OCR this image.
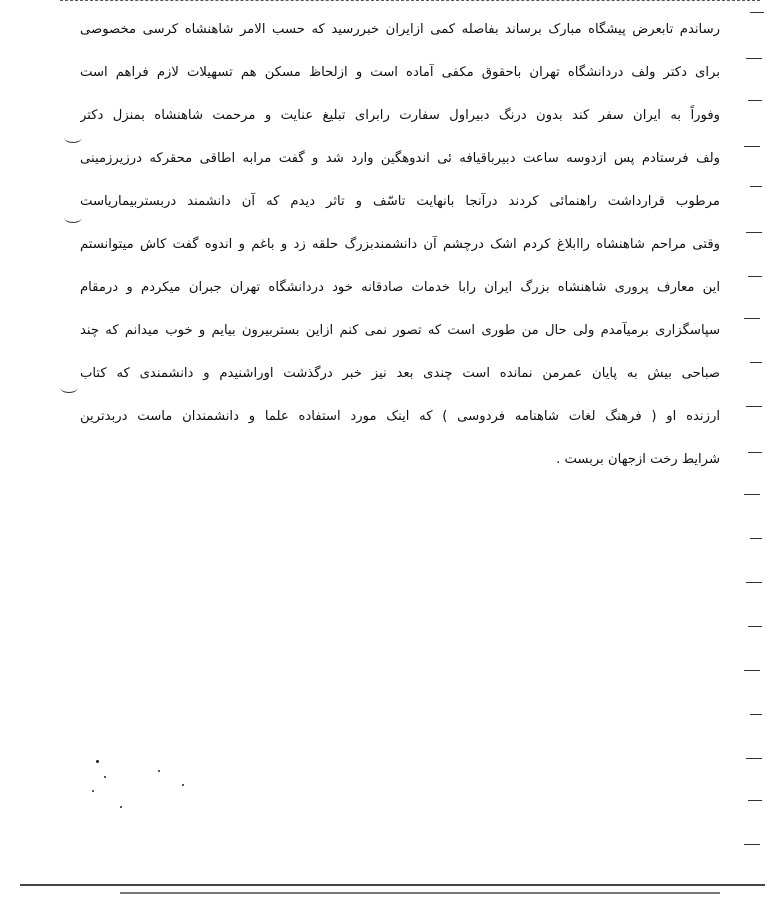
رساندم تابعرض پیشگاه مبارک برساند بفاصله کمی ازایران خبررسید که حسب الامر شاهنشاه کرسی مخصوصی
برای دکتر ولف دردانشگاه تهران باحقوق مکفی آماده است و ازلحاظ مسکن هم تسهیلات لازم فراهم است
وفوراً به ایران سفر کند بدون درنگ دبیراول سفارت رابرای تبلیغ عنایت و مرحمت شاهنشاه بمنزل دکتر
ولف فرستادم پس ازدوسه ساعت دبیرباقیافه ئی اندوهگین وارد شد و گفت مرابه اطاقی محقرکه درزیرزمینی
مرطوب قرارداشت راهنمائی کردند درآنجا بانهایت تاسّف و تاثر دیدم که آن دانشمند دربستربیماریاست
وقتی مراحم شاهنشاه راابلاغ کردم اشک درچشم آن دانشمندبزرگ حلقه زد و باغم و اندوه گفت کاش میتوانستم
این معارف پروری شاهنشاه بزرگ ایران رابا خدمات صادقانه خود دردانشگاه تهران جبران میکردم و درمقام
سپاسگزاری برمیآمدم ولی حال من طوری است که تصور نمی کنم ازاین بستربیرون بیایم و خوب میدانم که چند
صباحی بیش به پایان عمرمن نمانده است چندی بعد نیز خبر درگذشت اوراشنیدم و دانشمندی که کتاب
ارزنده او ( فرهنگ لغات شاهنامه فردوسی ) که اینک مورد استفاده علما و دانشمندان ماست دربدترین
شرایط رخت ازجهان بربست .
